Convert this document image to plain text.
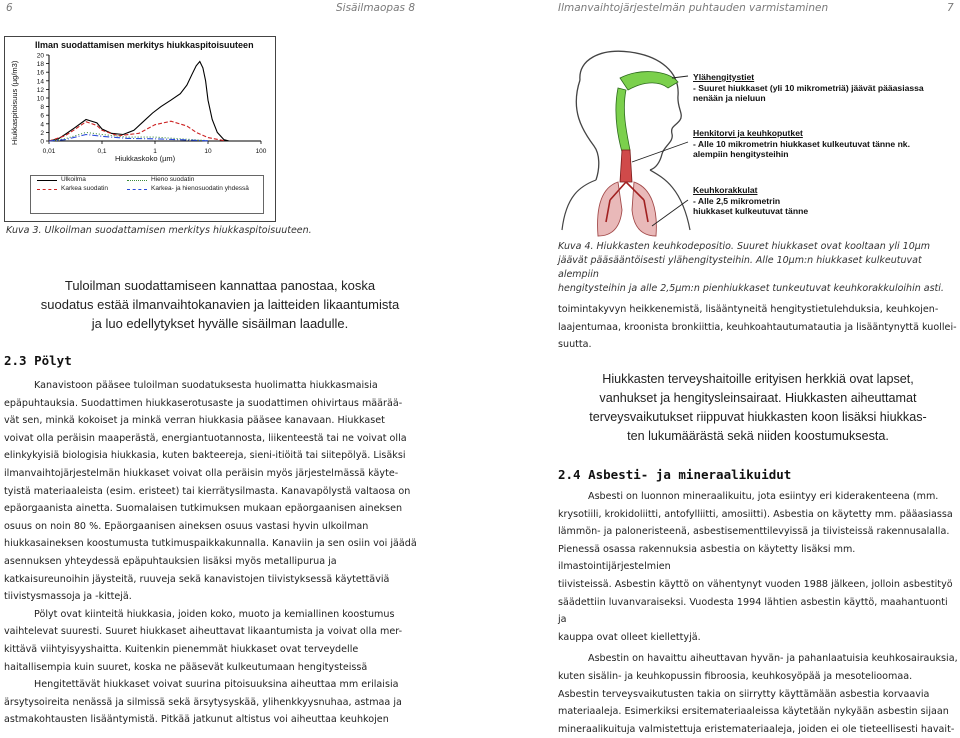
6	Sisäilmaopas 8	Ilmanvaihtojärjestelmän puhtauden varmistaminen	7
Ilman suodattamisen merkitys hiukkaspitoisuuteen
Hiukkaspitoisuus (µg/m3)
Hiukkaskoko (µm)
0
2
4
6
8
10
12
14
16
18
20
0,01	0,1	1	10	100
Ulkoilma
Karkea suodatin
Hieno suodatin
Karkea- ja hienosuodatin yhdessä
Kuva 3. Ulkoilman suodattamisen merkitys hiukkaspitoisuuteen.
Ylähengitystiet
- Suuret hiukkaset (yli 10 mikrometriä) jäävät pääasiassa
nenään ja nieluun
Henkitorvi ja keuhkoputket
- Alle 10 mikrometrin hiukkaset kulkeutuvat tänne nk.
alempiin hengitysteihin
Keuhkorakkulat
- Alle 2,5 mikrometrin
hiukkaset kulkeutuvat tänne
Kuva 4. Hiukkasten keuhkodepositio. Suuret hiukkaset ovat kooltaan yli 10µm
jäävät pääsääntöisesti ylähengitysteihin. Alle 10µm:n hiukkaset kulkeutuvat alempiin
hengitysteihin ja alle 2,5µm:n pienhiukkaset tunkeutuvat keuhkorakkuloihin asti.
Tuloilman suodattamiseen kannattaa panostaa, koska
suodatus estää ilmanvaihtokanavien ja laitteiden likaantumista
ja luo edellytykset hyvälle sisäilman laadulle.
2.3 Pölyt
Kanavistoon pääsee tuloilman suodatuksesta huolimatta hiukkasmaisia
epäpuhtauksia. Suodattimen hiukkaserotusaste ja suodattimen ohivirtaus määrää-
vät sen, minkä kokoiset ja minkä verran hiukkasia pääsee kanavaan. Hiukkaset
voivat olla peräisin maaperästä, energiantuotannosta, liikenteestä tai ne voivat olla
elinkykyisiä biologisia hiukkasia, kuten bakteereja, sieni-itiöitä tai siitepölyä. Lisäksi
ilmanvaihtojärjestelmän hiukkaset voivat olla peräisin myös järjestelmässä käyte-
tyistä materiaaleista (esim. eristeet) tai kierrätysilmasta. Kanavapölystä valtaosa on
epäorgaanista ainetta. Suomalaisen tutkimuksen mukaan epäorgaanisen aineksen
osuus on noin 80 %. Epäorgaanisen aineksen osuus vastasi hyvin ulkoilman
hiukkasaineksen koostumusta tutkimuspaikkakunnalla. Kanaviin ja sen osiin voi jäädä
asennuksen yhteydessä epäpuhtauksien lisäksi myös metallipurua ja
katkaisureunoihin jäysteitä, ruuveja sekä kanavistojen tiivistyksessä käytettäviä
tiivistysmassoja ja -kittejä.
Pölyt ovat kiinteitä hiukkasia, joiden koko, muoto ja kemiallinen koostumus
vaihtelevat suuresti. Suuret hiukkaset aiheuttavat likaantumista ja voivat olla mer-
kittävä viihtyisyyshaitta. Kuitenkin pienemmät hiukkaset ovat terveydelle
haitallisempia kuin suuret, koska ne pääsevät kulkeutumaan hengitysteissä
Hengitettävät hiukkaset voivat suurina pitoisuuksina aiheuttaa mm erilaisia
ärsytysoireita nenässä ja silmissä sekä ärsytysyskää, ylihenkkyysnuhaa, astmaa ja
astmakohtausten lisääntymistä. Pitkää jatkunut altistus voi aiheuttaa keuhkojen
toimintakyvyn heikkenemistä, lisääntyneitä hengitystietulehduksia, keuhkojen-
laajentumaa, kroonista bronkiittia, keuhkoahtautumatautia ja lisääntynyttä kuollei-
suutta.
Hiukkasten terveyshaitoille erityisen herkkiä ovat lapset,
vanhukset ja hengitysleinsairaat. Hiukkasten aiheuttamat
terveysvaikutukset riippuvat hiukkasten koon lisäksi hiukkas-
ten lukumäärästä sekä niiden koostumuksesta.
2.4 Asbesti- ja mineraalikuidut
Asbesti on luonnon mineraalikuitu, jota esiintyy eri kiderakenteena (mm.
krysotiili, krokidoliitti, antofylliitti, amosiitti). Asbestia on käytetty mm. pääasiassa
lämmön- ja paloneristeenä, asbestisementtilevyissä ja tiivisteissä rakennusalalla.
Pienessä osassa rakennuksia asbestia on käytetty lisäksi mm. ilmastointijärjestelmien
tiivisteissä. Asbestin käyttö on vähentynyt vuoden 1988 jälkeen, jolloin asbestityö
säädettiin luvanvaraiseksi. Vuodesta 1994 lähtien asbestin käyttö, maahantuonti ja
kauppa ovat olleet kiellettyjä.
Asbestin on havaittu aiheuttavan hyvän- ja pahanlaatuisia keuhkosairauksia,
kuten sisälin- ja keuhkopussin fibroosia, keuhkosyöpää ja mesotelioomaa.
Asbestin terveysvaikutusten takia on siirrytty käyttämään asbestia korvaavia
materiaaleja. Esimerkiksi ersitemateriaaleissa käytetään nykyään asbestin sijaan
mineraalikuituja valmistettuja eristemateriaaleja, joiden ei ole tieteellisesti havait-
